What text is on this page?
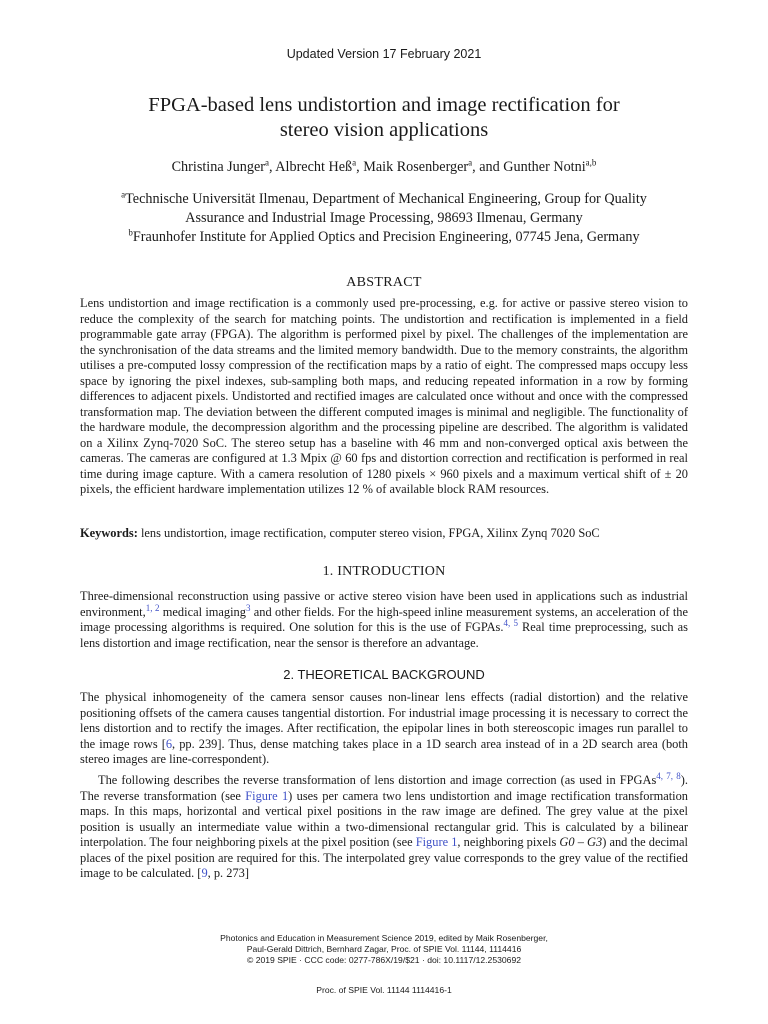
Updated Version 17 February 2021
FPGA-based lens undistortion and image rectification for
stereo vision applications
Christina Junger$^a$, Albrecht Heß$^a$, Maik Rosenberger$^a$, and Gunther Notni$^{a,b}$
$^a$Technische Universität Ilmenau, Department of Mechanical Engineering, Group for Quality
Assurance and Industrial Image Processing, 98693 Ilmenau, Germany
$^b$Fraunhofer Institute for Applied Optics and Precision Engineering, 07745 Jena, Germany
ABSTRACT
Lens undistortion and image rectification is a commonly used pre-processing, e.g. for active or passive stereo vision to reduce the complexity of the search for matching points. The undistortion and rectification is implemented in a field programmable gate array (FPGA). The algorithm is performed pixel by pixel. The challenges of the implementation are the synchronisation of the data streams and the limited memory bandwidth. Due to the memory constraints, the algorithm utilises a pre-computed lossy compression of the rectification maps by a ratio of eight. The compressed maps occupy less space by ignoring the pixel indexes, sub-sampling both maps, and reducing repeated information in a row by forming differences to adjacent pixels. Undistorted and rectified images are calculated once without and once with the compressed transformation map. The deviation between the different computed images is minimal and negligible. The functionality of the hardware module, the decompression algorithm and the processing pipeline are described. The algorithm is validated on a Xilinx Zynq-7020 SoC. The stereo setup has a baseline with 46 mm and non-converged optical axis between the cameras. The cameras are configured at 1.3 Mpix @ 60 fps and distortion correction and rectification is performed in real time during image capture. With a camera resolution of 1280 pixels × 960 pixels and a maximum vertical shift of ± 20 pixels, the efficient hardware implementation utilizes 12 % of available block RAM resources.
Keywords: lens undistortion, image rectification, computer stereo vision, FPGA, Xilinx Zynq 7020 SoC
1. INTRODUCTION
Three-dimensional reconstruction using passive or active stereo vision have been used in applications such as industrial environment,$^{1, 2}$ medical imaging$^3$ and other fields. For the high-speed inline measurement systems, an acceleration of the image processing algorithms is required. One solution for this is the use of FGPAs.$^{4, 5}$ Real time preprocessing, such as lens distortion and image rectification, near the sensor is therefore an advantage.
2. THEORETICAL BACKGROUND
The physical inhomogeneity of the camera sensor causes non-linear lens effects (radial distortion) and the relative positioning offsets of the camera causes tangential distortion. For industrial image processing it is necessary to correct the lens distortion and to rectify the images. After rectification, the epipolar lines in both stereoscopic images run parallel to the image rows [6, pp. 239]. Thus, dense matching takes place in a 1D search area instead of in a 2D search area (both stereo images are line-correspondent).
The following describes the reverse transformation of lens distortion and image correction (as used in FPGAs$^{4, 7, 8}$). The reverse transformation (see Figure 1) uses per camera two lens undistortion and image rectification transformation maps. In this maps, horizontal and vertical pixel positions in the raw image are defined. The grey value at the pixel position is usually an intermediate value within a two-dimensional rectangular grid. This is calculated by a bilinear interpolation. The four neighboring pixels at the pixel position (see Figure 1, neighboring pixels G0 – G3) and the decimal places of the pixel position are required for this. The interpolated grey value corresponds to the grey value of the rectified image to be calculated. [9, p. 273]
Photonics and Education in Measurement Science 2019, edited by Maik Rosenberger,
Paul-Gerald Dittrich, Bernhard Zagar, Proc. of SPIE Vol. 11144, 1114416
© 2019 SPIE · CCC code: 0277-786X/19/$21 · doi: 10.1117/12.2530692
Proc. of SPIE Vol. 11144 1114416-1
